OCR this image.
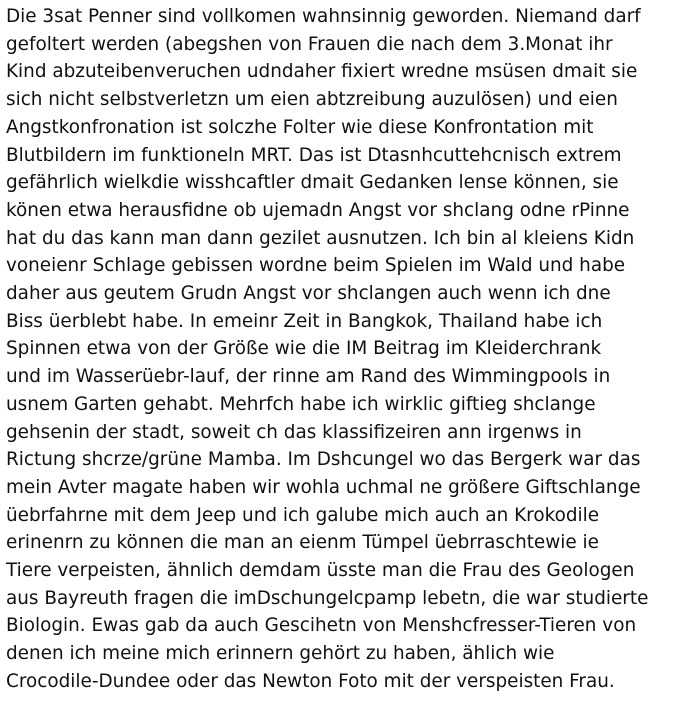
Die 3sat Penner sind vollkomen wahnsinnig geworden. Niemand darf
gefoltert werden (abegshen von Frauen die nach dem 3.Monat ihr
Kind abzuteibenveruchen udndaher fixiert wredne msüsen dmait sie
sich nicht selbstverletzn um eien abtzreibung auzulösen) und eien
Angstkonfronation ist solczhe Folter wie diese Konfrontation mit
Blutbildern im funktioneln MRT. Das ist Dtasnhcuttehcnisch extrem
gefährlich wielkdie wisshcaftler dmait Gedanken lense können, sie
könen etwa herausfidne ob ujemadn Angst vor shclang odne rPinne
hat du das kann man dann gezilet ausnutzen. Ich bin al kleiens Kidn
voneienr Schlage gebissen wordne beim Spielen im Wald und habe
daher aus geutem Grudn Angst vor shclangen auch wenn ich dne
Biss üerblebt habe. In emeinr Zeit in Bangkok, Thailand habe ich
Spinnen etwa von der Größe wie die IM Beitrag im Kleiderchrank
und im Wasserüebr-lauf, der rinne am Rand des Wimmingpools in
usnem Garten gehabt. Mehrfch habe ich wirklic giftieg shclange
gehsenin der stadt, soweit ch das klassifizeiren ann irgenws in
Rictung shcrze/grüne Mamba. Im Dshcungel wo das Bergerk war das
mein Avter magate haben wir wohla uchmal ne größere Giftschlange
üebrfahrne mit dem Jeep und ich galube mich auch an Krokodile
erinenrn zu können die man an eienm Tümpel üebrraschtewie ie
Tiere verpeisten, ähnlich demdam üsste man die Frau des Geologen
aus Bayreuth fragen die imDschungelcpamp lebetn, die war studierte
Biologin. Ewas gab da auch Gescihetn von Menshcfresser-Tieren von
denen ich meine mich erinnern gehört zu haben, ählich wie
Crocodile-Dundee oder das Newton Foto mit der verspeisten Frau.
